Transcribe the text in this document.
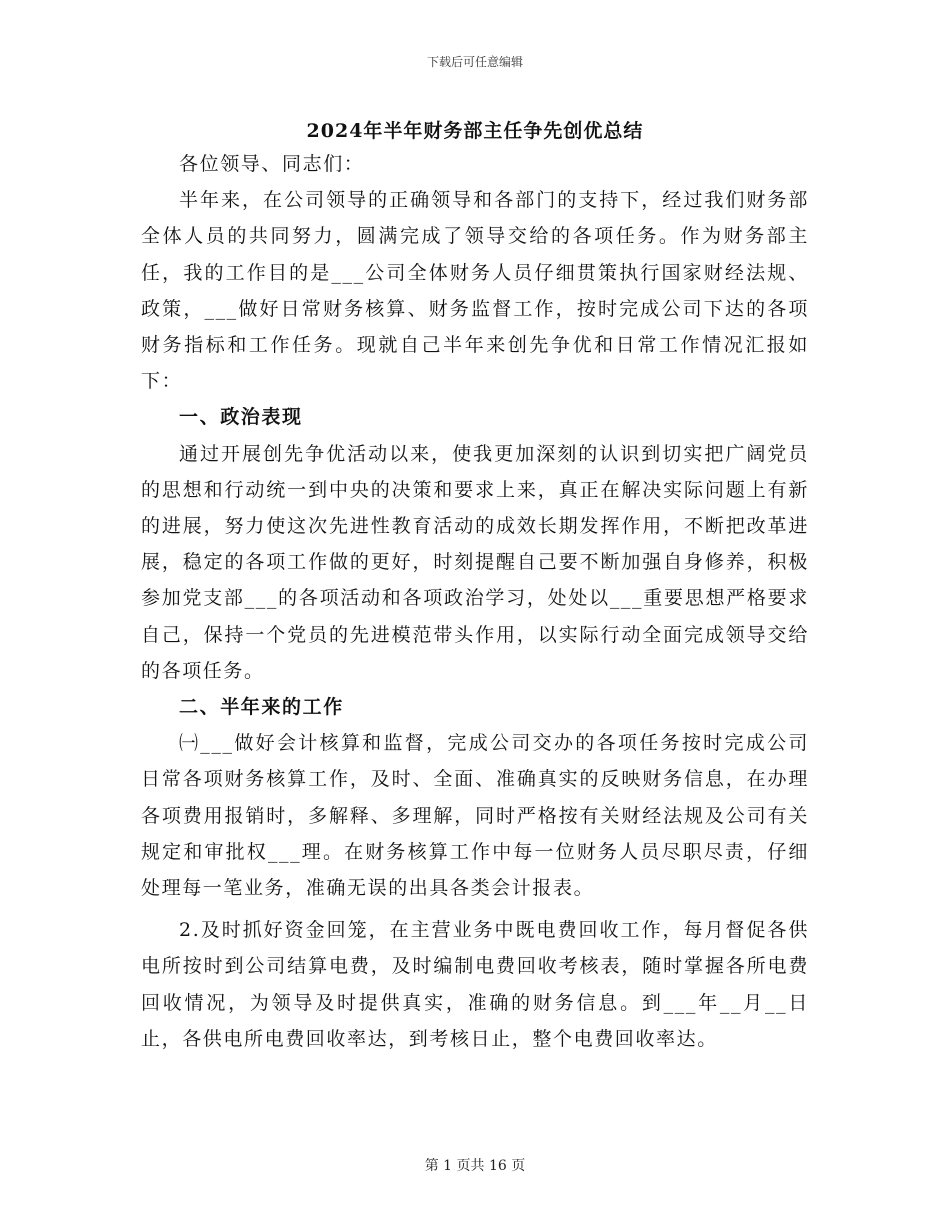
下载后可任意编辑
2024年半年财务部主任争先创优总结

各位领导、同志们：

半年来，在公司领导的正确领导和各部门的支持下，经过我们财务部全体人员的共同努力，圆满完成了领导交给的各项任务。作为财务部主任，我的工作目的是___公司全体财务人员仔细贯策执行国家财经法规、政策，___做好日常财务核算、财务监督工作，按时完成公司下达的各项财务指标和工作任务。现就自己半年来创先争优和日常工作情况汇报如下：

一、政治表现

通过开展创先争优活动以来，使我更加深刻的认识到切实把广阔党员的思想和行动统一到中央的决策和要求上来，真正在解决实际问题上有新的进展，努力使这次先进性教育活动的成效长期发挥作用，不断把改革进展，稳定的各项工作做的更好，时刻提醒自己要不断加强自身修养，积极参加党支部___的各项活动和各项政治学习，处处以___重要思想严格要求自己，保持一个党员的先进模范带头作用，以实际行动全面完成领导交给的各项任务。

二、半年来的工作

㈠___做好会计核算和监督，完成公司交办的各项任务按时完成公司日常各项财务核算工作，及时、全面、准确真实的反映财务信息，在办理各项费用报销时，多解释、多理解，同时严格按有关财经法规及公司有关规定和审批权___理。在财务核算工作中每一位财务人员尽职尽责，仔细处理每一笔业务，准确无误的出具各类会计报表。

2.及时抓好资金回笼，在主营业务中既电费回收工作，每月督促各供电所按时到公司结算电费，及时编制电费回收考核表，随时掌握各所电费回收情况，为领导及时提供真实，准确的财务信息。到___年__月__日止，各供电所电费回收率达，到考核日止，整个电费回收率达。

第 1 页共 16 页
